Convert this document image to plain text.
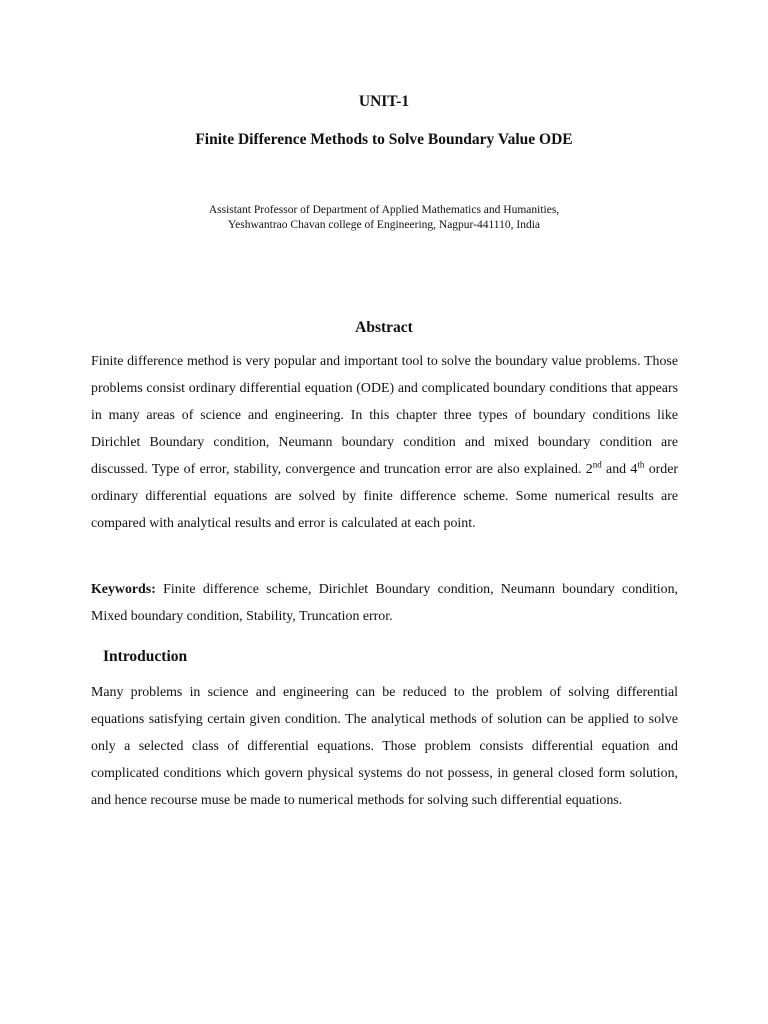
UNIT-1
Finite Difference Methods to Solve Boundary Value ODE
Assistant Professor of Department of Applied Mathematics and Humanities,
Yeshwantrao Chavan college of Engineering, Nagpur-441110, India
Abstract

Finite difference method is very popular and important tool to solve the boundary value problems. Those problems consist ordinary differential equation (ODE) and complicated boundary conditions that appears in many areas of science and engineering. In this chapter three types of boundary conditions like Dirichlet Boundary condition, Neumann boundary condition and mixed boundary condition are discussed. Type of error, stability, convergence and truncation error are also explained. 2nd and 4th order ordinary differential equations are solved by finite difference scheme. Some numerical results are compared with analytical results and error is calculated at each point.

Keywords: Finite difference scheme, Dirichlet Boundary condition, Neumann boundary condition, Mixed boundary condition, Stability, Truncation error.

Introduction

Many problems in science and engineering can be reduced to the problem of solving differential equations satisfying certain given condition. The analytical methods of solution can be applied to solve only a selected class of differential equations. Those problem consists differential equation and complicated conditions which govern physical systems do not possess, in general closed form solution, and hence recourse muse be made to numerical methods for solving such differential equations.
